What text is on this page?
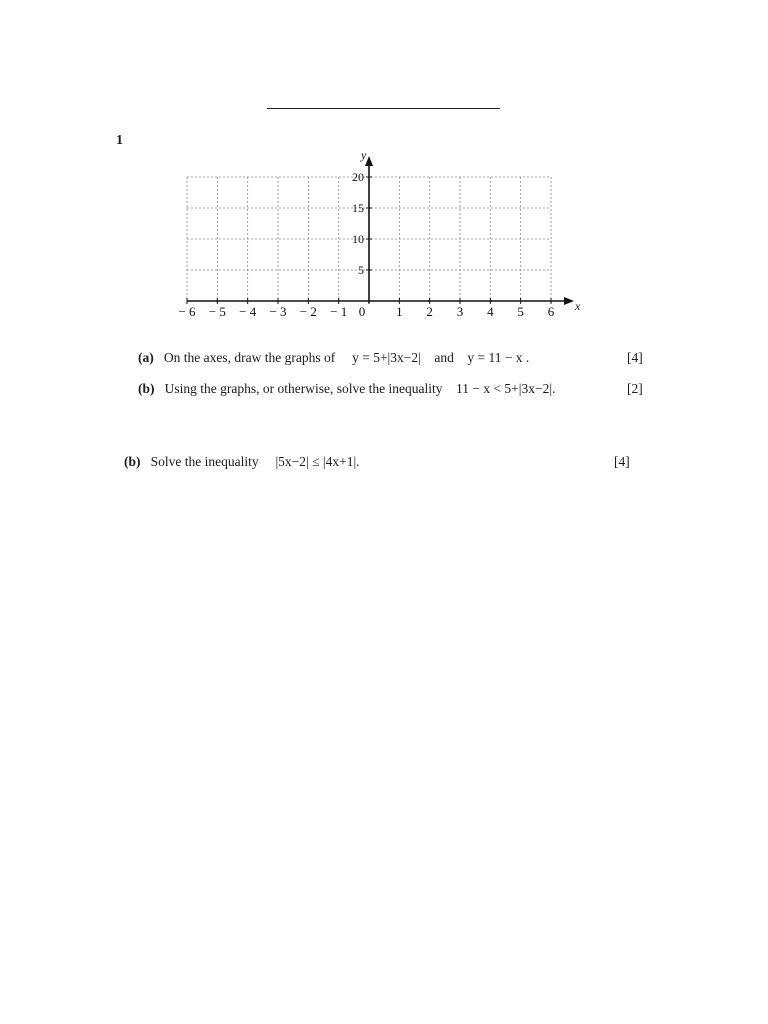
1
− 6 − 5 − 4 − 3 − 2 − 1 0 1 2 3 4 5 6
5
10
15
20
x
y
(a) On the axes, draw the graphs of y = 5+|3x−2| and y = 11 − x .	[4]
(b) Using the graphs, or otherwise, solve the inequality 11 − x < 5+|3x−2|.	[2]
(b) Solve the inequality |5x−2| ≤ |4x+1|.	[4]
